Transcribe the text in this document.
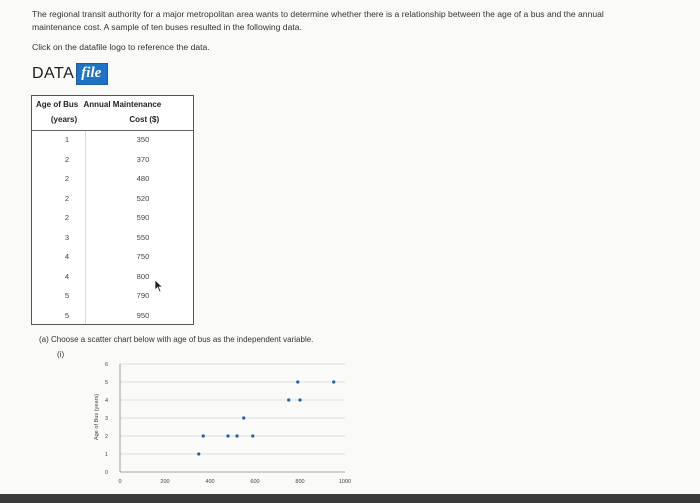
The regional transit authority for a major metropolitan area wants to determine whether there is a relationship between the age of a bus and the annual
maintenance cost. A sample of ten buses resulted in the following data.
Click on the datafile logo to reference the data.
DATA file
Age of Bus Annual Maintenance
(years)	Cost ($)
1	350
2	370
2	480
2	520
2	590
3	550
4	750
4	800
5	790
5	950
(a) Choose a scatter chart below with age of bus as the independent variable.
(i)
0
1
2
3
4
5
6
0	200	400	600	800	1000
Age of Bus (years)
